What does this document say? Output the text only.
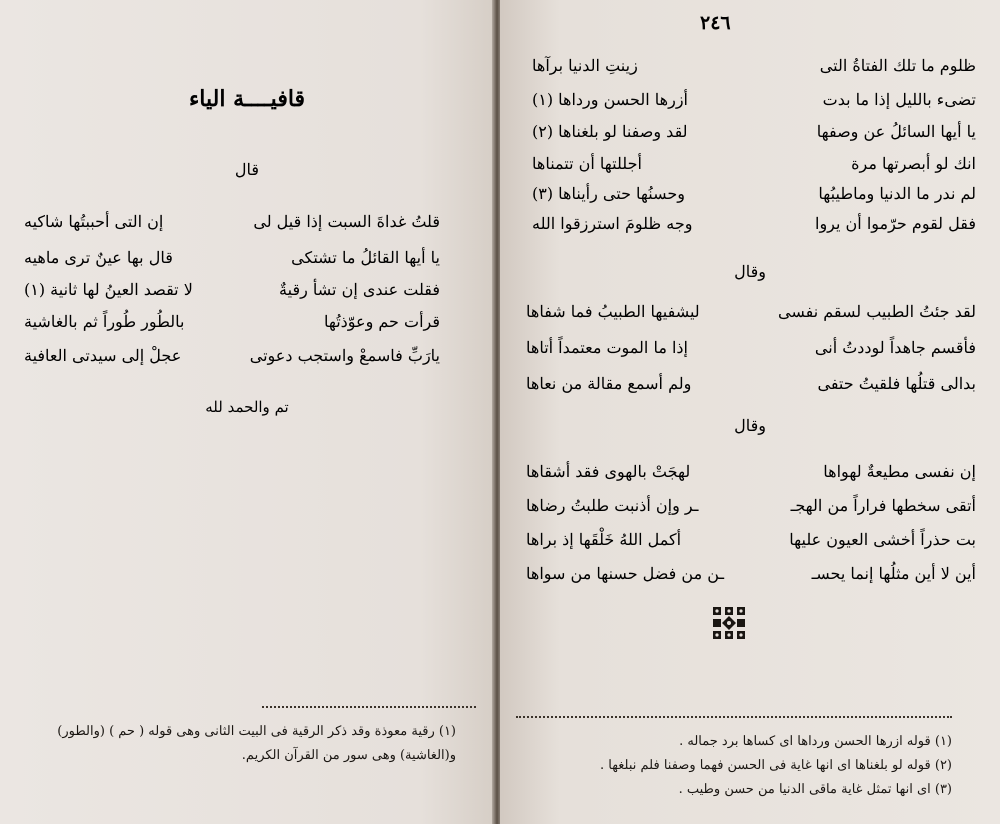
قافيــــة الياء
قال
قلتُ غداةَ السبت إذا قيل لى
إن التى أحببتُها شاكيه
يا أيها القائلُ ما تشتكى
قال بها عينٌ ترى ماهيه
فقلت عندى إن تشأ رقيةٌ
لا تقصد العينُ لها ثانية (١)
قرأت حم وعوّذتُها
بالطُور طُوراً ثم بالغاشية
يارَبِّ فاسمعْ واستجب دعوتى
عجلْ إلى سيدتى العافية
تم والحمد لله
(١) رقية معوذة وقد ذكر الرقية فى البيت الثانى وهى قوله ( حم ) (والطور)
و(الغاشية) وهى سور من القرآن الكريم.
٢٤٦
ظلوم ما تلك الفتاةُ التى
زينتِ الدنيا برآها
تضىء بالليل إذا ما بدت
أزرها الحسن ورداها (١)
يا أيها السائلُ عن وصفها
لقد وصفنا لو بلغناها (٢)
انك لو أبصرتها مرة
أجللتها أن تتمناها
لم ندر ما الدنيا وماطيبُها
وحسنُها حتى رأيناها (٣)
فقل لقوم حرّموا أن يروا
وجه ظلومَ استرزقوا الله
وقال
لقد جئتُ الطبيب لسقم نفسى
ليشفيها الطبيبُ فما شفاها
فأقسم جاهداً لوددتُ أنى
إذا ما الموت معتمداً أتاها
بدالى قتلُها فلقيتُ حتفى
ولم أسمع مقالة من نعاها
وقال
إن نفسى مطيعةٌ لهواها
لهجَتْ بالهوى فقد أشقاها
أتقى سخطها فراراً من الهجـ
ـر وإن أذنبت طلبتُ رضاها
بت حذراً أخشى العيون عليها
أكمل اللهُ خَلْقَها إذ براها
أين لا أين مثلُها إنما يحسـ
ـن من فضل حسنها من سواها
(١) قوله ازرها الحسن ورداها اى كساها برد جماله .
(٢) قوله لو بلغناها اى انها غاية فى الحسن فهما وصفنا فلم نبلغها .
(٣) اى انها تمثل غاية ماقى الدنيا من حسن وطيب .
